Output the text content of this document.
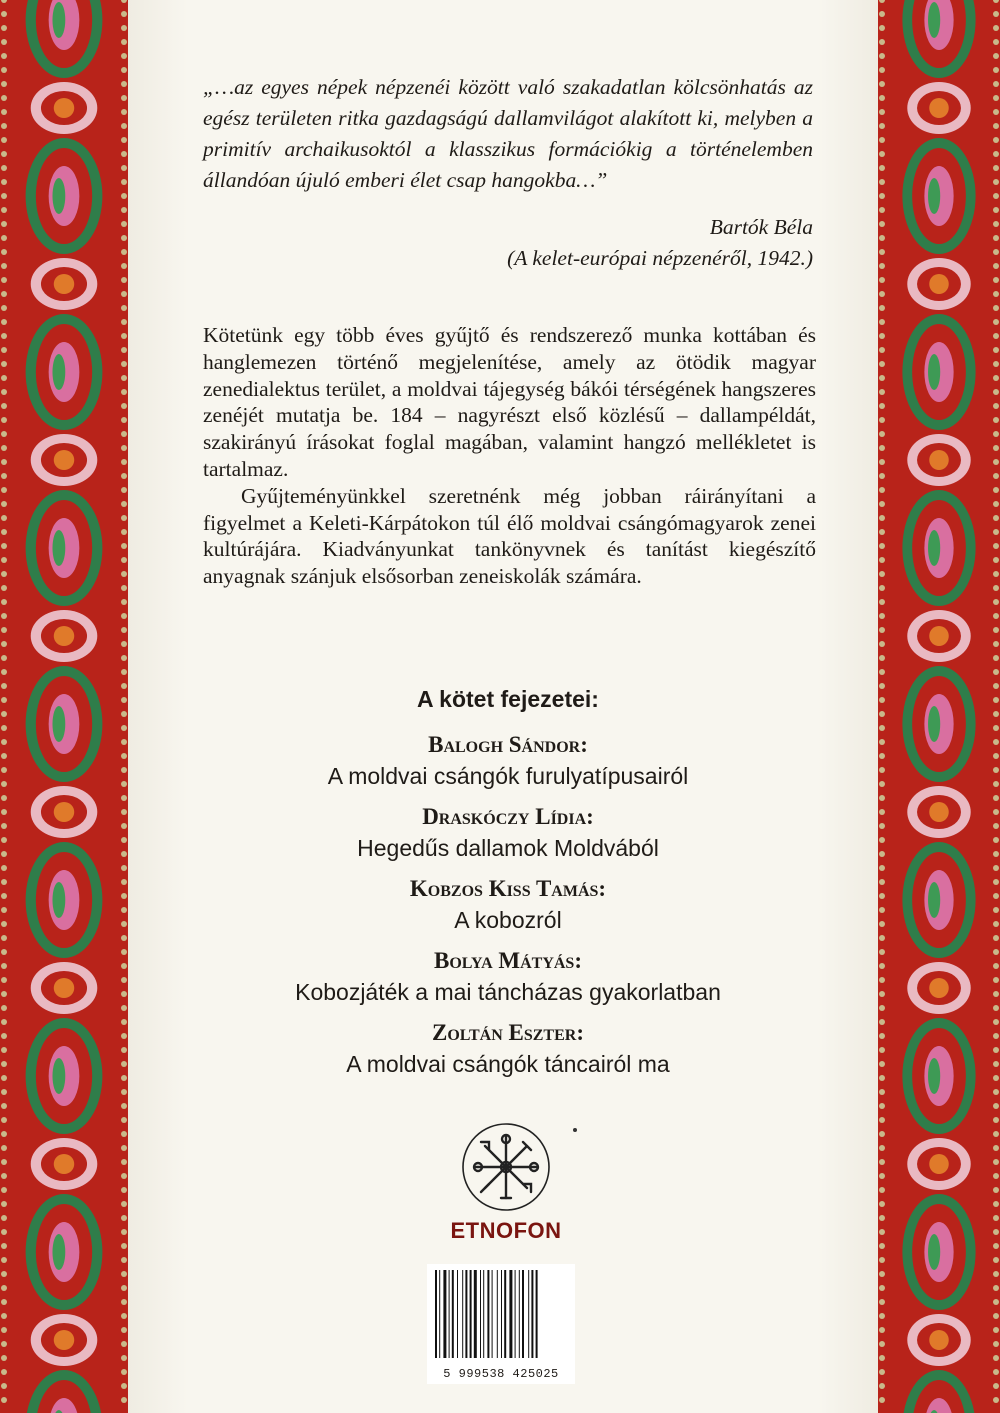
„…az egyes népek népzenéi között való szakadatlan kölcsönhatás az egész területen ritka gazdagságú dallamvilágot alakított ki, melyben a primitív archaikusoktól a klasszikus formációkig a történelemben állandóan újuló emberi élet csap hangokba…”

Bartók Béla
(A kelet-európai népzenéről, 1942.)

Kötetünk egy több éves gyűjtő és rendszerező munka kottában és hanglemezen történő megjelenítése, amely az ötödik magyar zenedialektus terület, a moldvai tájegység bákói térségének hangszeres zenéjét mutatja be. 184 – nagyrészt első közlésű – dallampéldát, szakirányú írásokat foglal magában, valamint hangzó mellékletet is tartalmaz.

Gyűjteményünkkel szeretnénk még jobban ráirányítani a figyelmet a Keleti-Kárpátokon túl élő moldvai csángómagyarok zenei kultúrájára. Kiadványunkat tankönyvnek és tanítást kiegészítő anyagnak szánjuk elsősorban zeneiskolák számára.

A kötet fejezetei:
Balogh Sándor:
A moldvai csángók furulyatípusairól
Draskóczy Lídia:
Hegedűs dallamok Moldvából
Kobzos Kiss Tamás:
A kobozról
Bolya Mátyás:
Kobozjáték a mai táncházas gyakorlatban
Zoltán Eszter:
A moldvai csángók táncairól ma
ETNOFON
5 999538 425025
